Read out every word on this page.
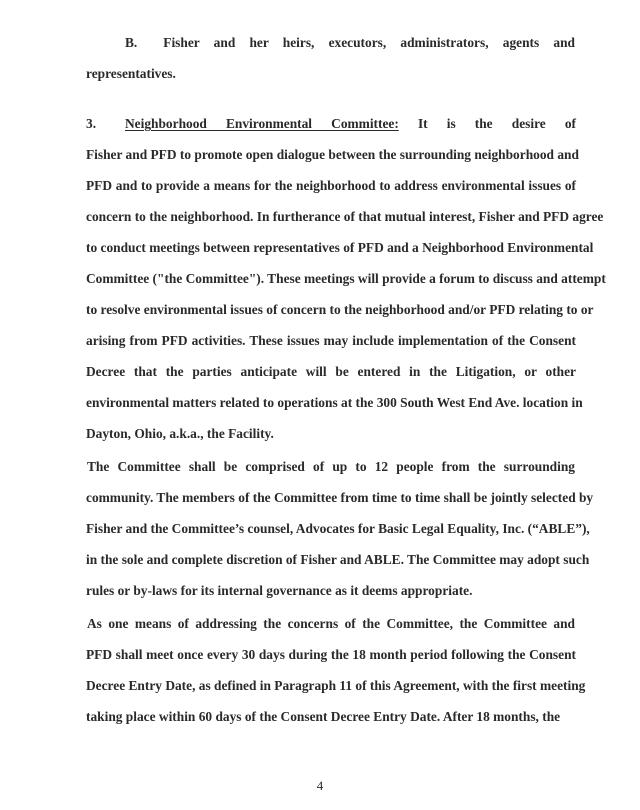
B. Fisher and her heirs, executors, administrators, agents and
representatives.
3. Neighborhood Environmental Committee: It is the desire of
Fisher and PFD to promote open dialogue between the surrounding neighborhood and
PFD and to provide a means for the neighborhood to address environmental issues of
concern to the neighborhood. In furtherance of that mutual interest, Fisher and PFD agree
to conduct meetings between representatives of PFD and a Neighborhood Environmental
Committee ("the Committee"). These meetings will provide a forum to discuss and attempt
to resolve environmental issues of concern to the neighborhood and/or PFD relating to or
arising from PFD activities. These issues may include implementation of the Consent
Decree that the parties anticipate will be entered in the Litigation, or other
environmental matters related to operations at the 300 South West End Ave. location in
Dayton, Ohio, a.k.a., the Facility.
The Committee shall be comprised of up to 12 people from the surrounding
community. The members of the Committee from time to time shall be jointly selected by
Fisher and the Committee’s counsel, Advocates for Basic Legal Equality, Inc. (“ABLE”),
in the sole and complete discretion of Fisher and ABLE. The Committee may adopt such
rules or by-laws for its internal governance as it deems appropriate.
As one means of addressing the concerns of the Committee, the Committee and
PFD shall meet once every 30 days during the 18 month period following the Consent
Decree Entry Date, as defined in Paragraph 11 of this Agreement, with the first meeting
taking place within 60 days of the Consent Decree Entry Date. After 18 months, the
4
